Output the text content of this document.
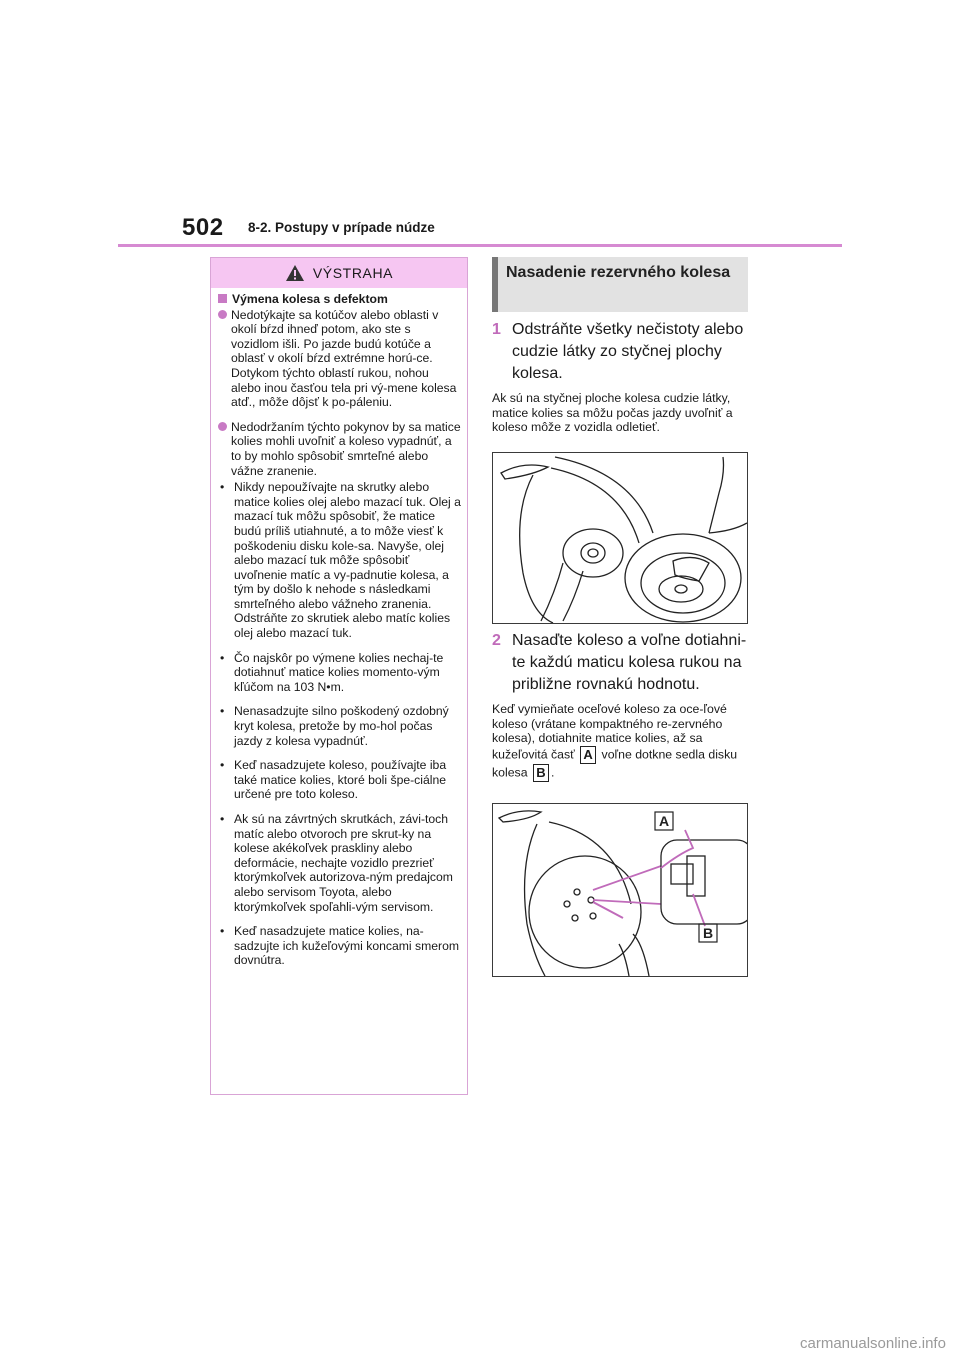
502 8-2. Postupy v prípade núdze
VÝSTRAHA
Výmena kolesa s defektom
Nedotýkajte sa kotúčov alebo oblasti v okolí bŕzd ihneď potom, ako ste s vozidlom išli. Po jazde budú kotúče a oblasť v okolí bŕzd extrémne horú-ce. Dotykom týchto oblastí rukou, nohou alebo inou časťou tela pri vý-mene kolesa atď., môže dôjsť k po-páleniu.
Nedodržaním týchto pokynov by sa matice kolies mohli uvoľniť a koleso vypadnúť, a to by mohlo spôsobiť smrteľné alebo vážne zranenie.
• Nikdy nepoužívajte na skrutky alebo matice kolies olej alebo mazací tuk. Olej a mazací tuk môžu spôsobiť, že matice budú príliš utiahnuté, a to môže viesť k poškodeniu disku kole-sa. Navyše, olej alebo mazací tuk môže spôsobiť uvoľnenie matíc a vy-padnutie kolesa, a tým by došlo k nehode s následkami smrteľného alebo vážneho zranenia. Odstráňte zo skrutiek alebo matíc kolies olej alebo mazací tuk.
• Čo najskôr po výmene kolies nechaj-te dotiahnuť matice kolies momento-vým kľúčom na 103 N•m.
• Nenasadzujte silno poškodený ozdobný kryt kolesa, pretože by mo-hol počas jazdy z kolesa vypadnúť.
• Keď nasadzujete koleso, používajte iba také matice kolies, ktoré boli špe-ciálne určené pre toto koleso.
• Ak sú na závrtných skrutkách, závi-toch matíc alebo otvoroch pre skrut-ky na kolese akékoľvek praskliny alebo deformácie, nechajte vozidlo prezrieť ktorýmkoľvek autorizova-ným predajcom alebo servisom Toyota, alebo ktorýmkoľvek spoľahli-vým servisom.
• Keď nasadzujete matice kolies, na-sadzujte ich kužeľovými koncami smerom dovnútra.
Nasadenie rezervného kolesa
1 Odstráňte všetky nečistoty alebo cudzie látky zo styčnej plochy kolesa.
Ak sú na styčnej ploche kolesa cudzie látky, matice kolies sa môžu počas jazdy uvoľniť a koleso môže z vozidla odletieť.
2 Nasaďte koleso a voľne dotiahni-te každú maticu kolesa rukou na približne rovnakú hodnotu.
Keď vymieňate oceľové koleso za oce-ľové koleso (vrátane kompaktného re-zervného kolesa), dotiahnite matice kolies, až sa kužeľovitá časť A voľne dotkne sedla disku kolesa B .
A
B
carmanualsonline.info
